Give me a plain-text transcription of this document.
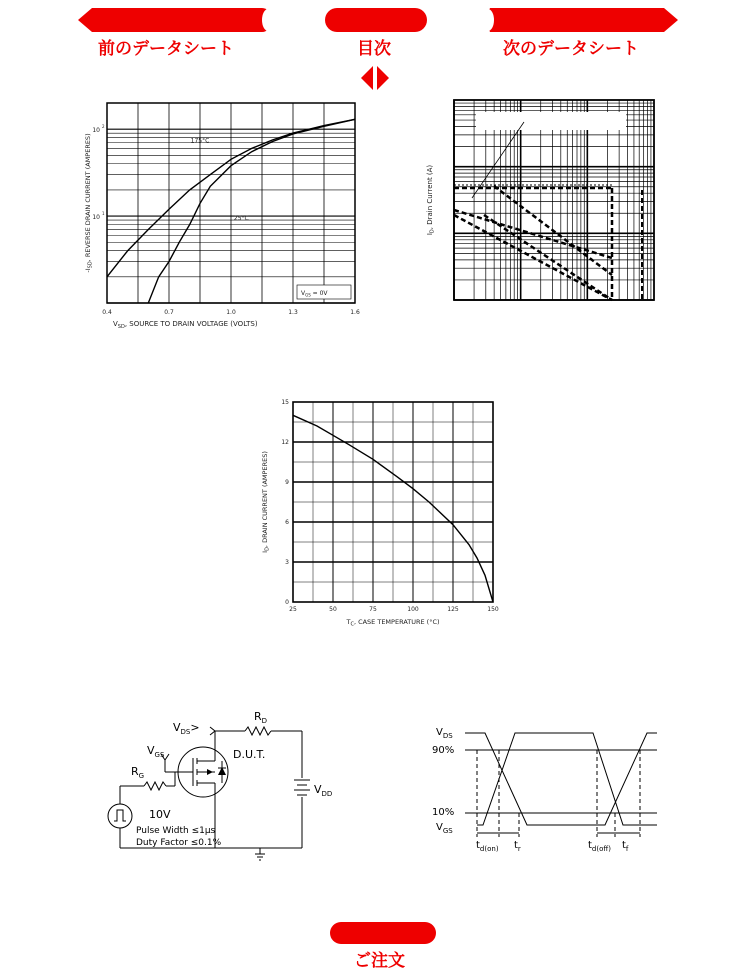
前のデータシート	目次	次のデータシート
175°C
25°C
10
2
10
1
0.4	0.7	1.0	1.3	1.6
$V_{SD}$, SOURCE TO DRAIN VOLTAGE (VOLTS)
$V_{GS} = 0V$
$-I_{SD}$, REVERSE DRAIN CURRENT (AMPERES)	$I_D$, Drain Current (A)
0
3
6
9
12
15
25	50	75	100	125	150
$T_C$, CASE TEMPERATURE (°C)
$I_D$, DRAIN CURRENT (AMPERES)
$V_{DS}>$
$R_D$
$V_{GS}$	D.U.T.
$R_G$
$V_{DD}$
10V
Pulse Width ≤1μs
Duty Factor ≤0.1%
$V_{DS}$
90%
10%
$V_{GS}$
$t_{d(on)}$ $t_r$	$t_{d(off)}$ $t_f$
ご注文
